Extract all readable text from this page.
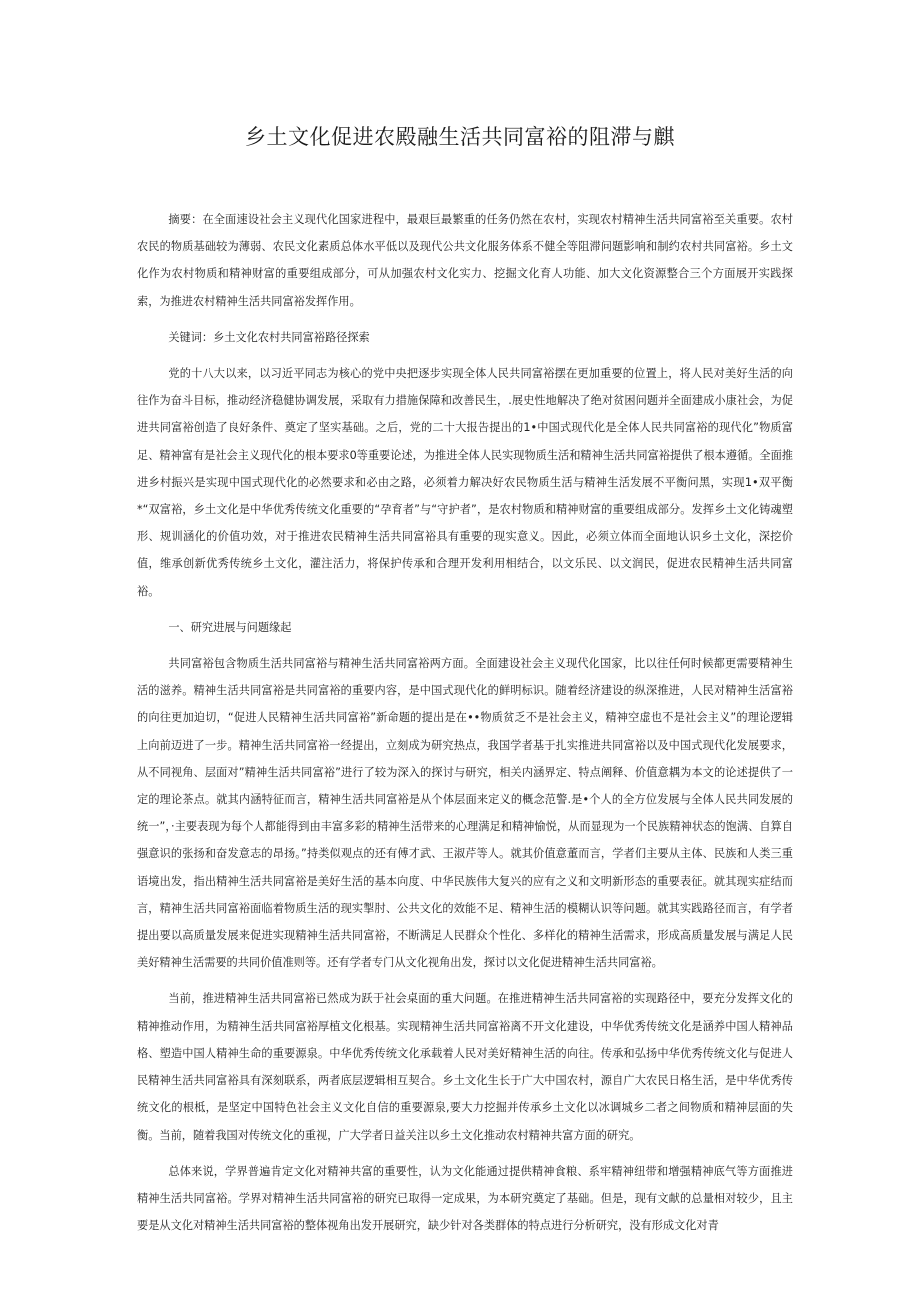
乡土文化促进农殿融生活共同富裕的阻滞与麒

摘要：在全面速设社会主义现代化国家进程中，最艰巨最繁重的任务仍然在农村，实现农村精神生活共同富裕至关重要。农村农民的物质基础较为薄弱、农民文化素质总体水平低以及现代公共文化服务体系不健全等阻滞问题影响和制约农村共同富裕。乡土文化作为农村物质和精神财富的重要组成部分，可从加强农村文化实力、挖掘文化育人功能、加大文化资源整合三个方面展开实践探索，为推进农村精神生活共同富裕发挥作用。

关键词：乡土文化农村共同富裕路径探索

党的十八大以来，以习近平同志为核心的党中央把逐步实现全体人民共同富裕摆在更加重要的位置上，将人民对美好生活的向往作为奋斗目标，推动经济稳健协调发展，采取有力措施保障和改善民生，.展史性地解决了绝对贫困问题并全面建成小康社会，为促进共同富裕创造了良好条件、奠定了坚实基础。之后，党的二十大报告提出的1•中国式现代化是全体人民共同富裕的现代化”物质富足、精神富有是社会主义现代化的根本要求0等重要论述，为推进全体人民实现物质生活和精神生活共同富裕提供了根本遵循。全面推进乡村振兴是实现中国式现代化的必然要求和必由之路，必须着力解决好农民物质生活与精神生活发展不平衡问黑，实现1•双平衡*“双富裕，乡土文化是中华优秀传统文化重要的“孕育者”与“守护者”，是农村物质和精神财富的重要组成部分。发挥乡土文化铸魂塑形、规训涵化的价值功效，对于推进农民精神生活共同富裕具有重要的现实意义。因此，必须立体而全面地认识乡土文化，深挖价值，维承创新优秀传统乡土文化，灌注活力，将保护传承和合理开发利用相结合，以文乐民、以文润民，促进农民精神生活共同富裕。

一、研究进展与问题缘起

共同富裕包含物质生活共同富裕与精神生活共同富裕两方面。全面建设社会主义现代化国家，比以往任何时候都更需要精神生活的滋养。精神生活共同富裕是共同富裕的重要内容，是中国式现代化的鲜明标识。随着经济建设的纵深推进，人民对精神生活富裕的向往更加迫切，“促进人民精神生活共同富裕”新命题的提出是在••物质贫乏不是社会主义，精神空虚也不是社会主义”的理论逻辑上向前迈进了一步。精神生活共同富裕一经提出，立刻成为研究热点，我国学者基于扎实推进共同富裕以及中国式现代化发展要求，从不同视角、层面对”精神生活共同富裕”进行了较为深入的探讨与研究，相关内涵界定、特点阐释、价值意耦为本文的论述提供了一定的理论茶点。就其内涵特征而言，精神生活共同富裕是从个体层面来定义的概念范警.是•个人的全方位发展与全体人民共同发展的统一”，·主要表现为每个人都能得到由丰富多彩的精神生活带来的心理满足和精神愉悦，从而显现为一个民族精神状态的饱满、自算自强意识的张扬和奋发意志的昂扬。”持类似观点的还有傅才武、王淑芹等人。就其价值意董而言，学者们主要从主体、民族和人类三重语境出发，指出精神生活共同富裕是美好生活的基本向度、中华民族伟大复兴的应有之义和文明新形态的重要表征。就其现实症结而言，精神生活共同富裕面临着物质生活的现实掣肘、公共文化的效能不足、精神生活的模糊认识等问题。就其实践路径而言，有学者提出要以高质量发展来促进实现精神生活共同富裕，不断满足人民群众个性化、多样化的精神生活需求，形成高质量发展与满足人民美好精神生活需要的共同价值准则等。还有学者专门从文化视角出发，探讨以文化促进精神生活共同富裕。

当前，推进精神生活共同富裕已然成为跃于社会桌面的重大问题。在推进精神生活共同富裕的实现路径中，要充分发挥文化的精神推动作用，为精神生活共同富裕厚植文化根基。实现精神生活共同富裕离不开文化建设，中华优秀传统文化是涵养中国人精神品格、塑造中国人精神生命的重要源泉。中华优秀传统文化承载着人民对美好精神生活的向往。传承和弘扬中华优秀传统文化与促进人民精神生活共同富裕具有深刻联系，两者底层逻辑相互契合。乡土文化生长于广大中国农村，源自广大农民日格生活，是中华优秀传统文化的根柢，是坚定中国特色社会主义文化自信的重要源泉,要大力挖掘并传承乡土文化以冰调城乡二者之间物质和精神层面的失衡。当前，随着我国对传统文化的重视，广大学者日益关注以乡土文化推动农村精神共富方面的研究。

总体来说，学界普遍肯定文化对精神共富的重要性，认为文化能通过提供精神食粮、系牢精神纽带和增强精神底气等方面推进精神生活共同富裕。学界对精神生活共同富裕的研究已取得一定成果，为本研究奠定了基础。但是，现有文献的总量相对较少，且主要是从文化对精神生活共同富裕的整体视角出发开展研究，缺少针对各类群体的特点进行分析研究，没有形成文化对青
